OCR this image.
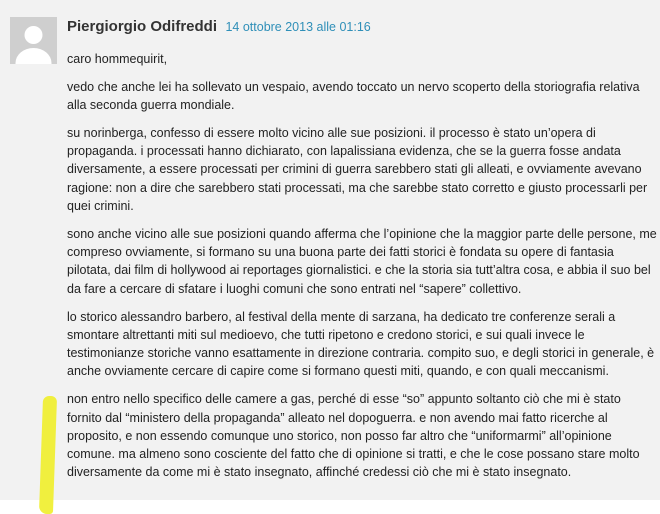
Piergiorgio Odifreddi 14 ottobre 2013 alle 01:16

caro hommequirit,

vedo che anche lei ha sollevato un vespaio, avendo toccato un nervo scoperto della storiografia relativa alla seconda guerra mondiale.

su norinberga, confesso di essere molto vicino alle sue posizioni. il processo è stato un’opera di propaganda. i processati hanno dichiarato, con lapalissiana evidenza, che se la guerra fosse andata diversamente, a essere processati per crimini di guerra sarebbero stati gli alleati, e ovviamente avevano ragione: non a dire che sarebbero stati processati, ma che sarebbe stato corretto e giusto processarli per quei crimini.

sono anche vicino alle sue posizioni quando afferma che l’opinione che la maggior parte delle persone, me compreso ovviamente, si formano su una buona parte dei fatti storici è fondata su opere di fantasia pilotata, dai film di hollywood ai reportages giornalistici. e che la storia sia tutt’altra cosa, e abbia il suo bel da fare a cercare di sfatare i luoghi comuni che sono entrati nel “sapere” collettivo.

lo storico alessandro barbero, al festival della mente di sarzana, ha dedicato tre conferenze serali a smontare altrettanti miti sul medioevo, che tutti ripetono e credono storici, e sui quali invece le testimonianze storiche vanno esattamente in direzione contraria. compito suo, e degli storici in generale, è anche ovviamente cercare di capire come si formano questi miti, quando, e con quali meccanismi.

non entro nello specifico delle camere a gas, perché di esse “so” appunto soltanto ciò che mi è stato fornito dal “ministero della propaganda” alleato nel dopoguerra. e non avendo mai fatto ricerche al proposito, e non essendo comunque uno storico, non posso far altro che “uniformarmi” all’opinione comune. ma almeno sono cosciente del fatto che di opinione si tratti, e che le cose possano stare molto diversamente da come mi è stato insegnato, affinché credessi ciò che mi è stato insegnato.
